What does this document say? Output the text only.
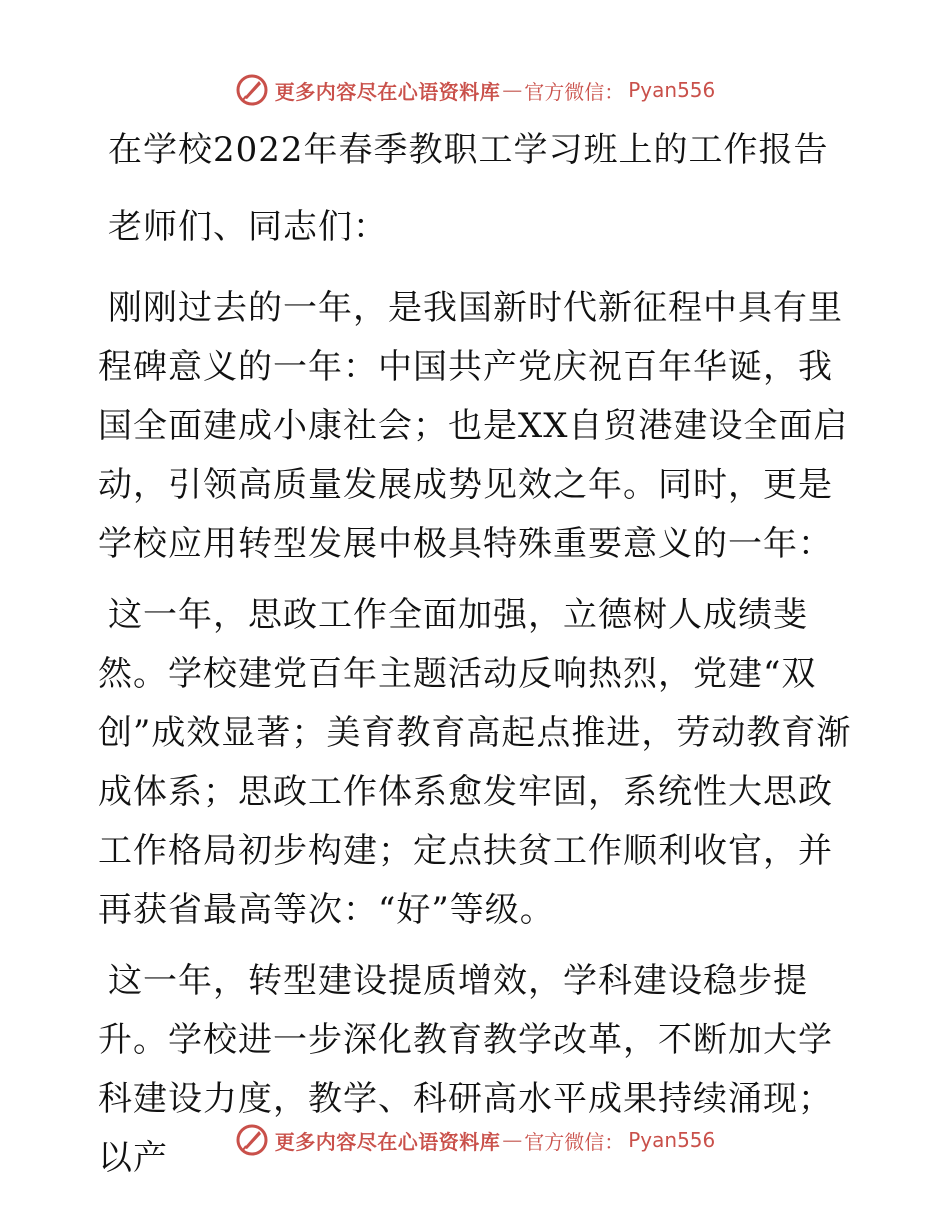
更多内容尽在心语资料库 — 官方微信： Pyan556
在学校2022年春季教职工学习班上的工作报告

老师们、同志们：

刚刚过去的一年，是我国新时代新征程中具有里程碑意义的一年：中国共产党庆祝百年华诞，我国全面建成小康社会；也是XX自贸港建设全面启动，引领高质量发展成势见效之年。同时，更是学校应用转型发展中极具特殊重要意义的一年：

这一年，思政工作全面加强，立德树人成绩斐然。学校建党百年主题活动反响热烈，党建“双创”成效显著；美育教育高起点推进，劳动教育渐成体系；思政工作体系愈发牢固，系统性大思政工作格局初步构建；定点扶贫工作顺利收官，并再获省最高等次：“好”等级。

这一年，转型建设提质增效，学科建设稳步提升。学校进一步深化教育教学改革，不断加大学科建设力度，教学、科研高水平成果持续涌现；以产	更多内容尽在心语资料库 — 官方微信： Pyan556
